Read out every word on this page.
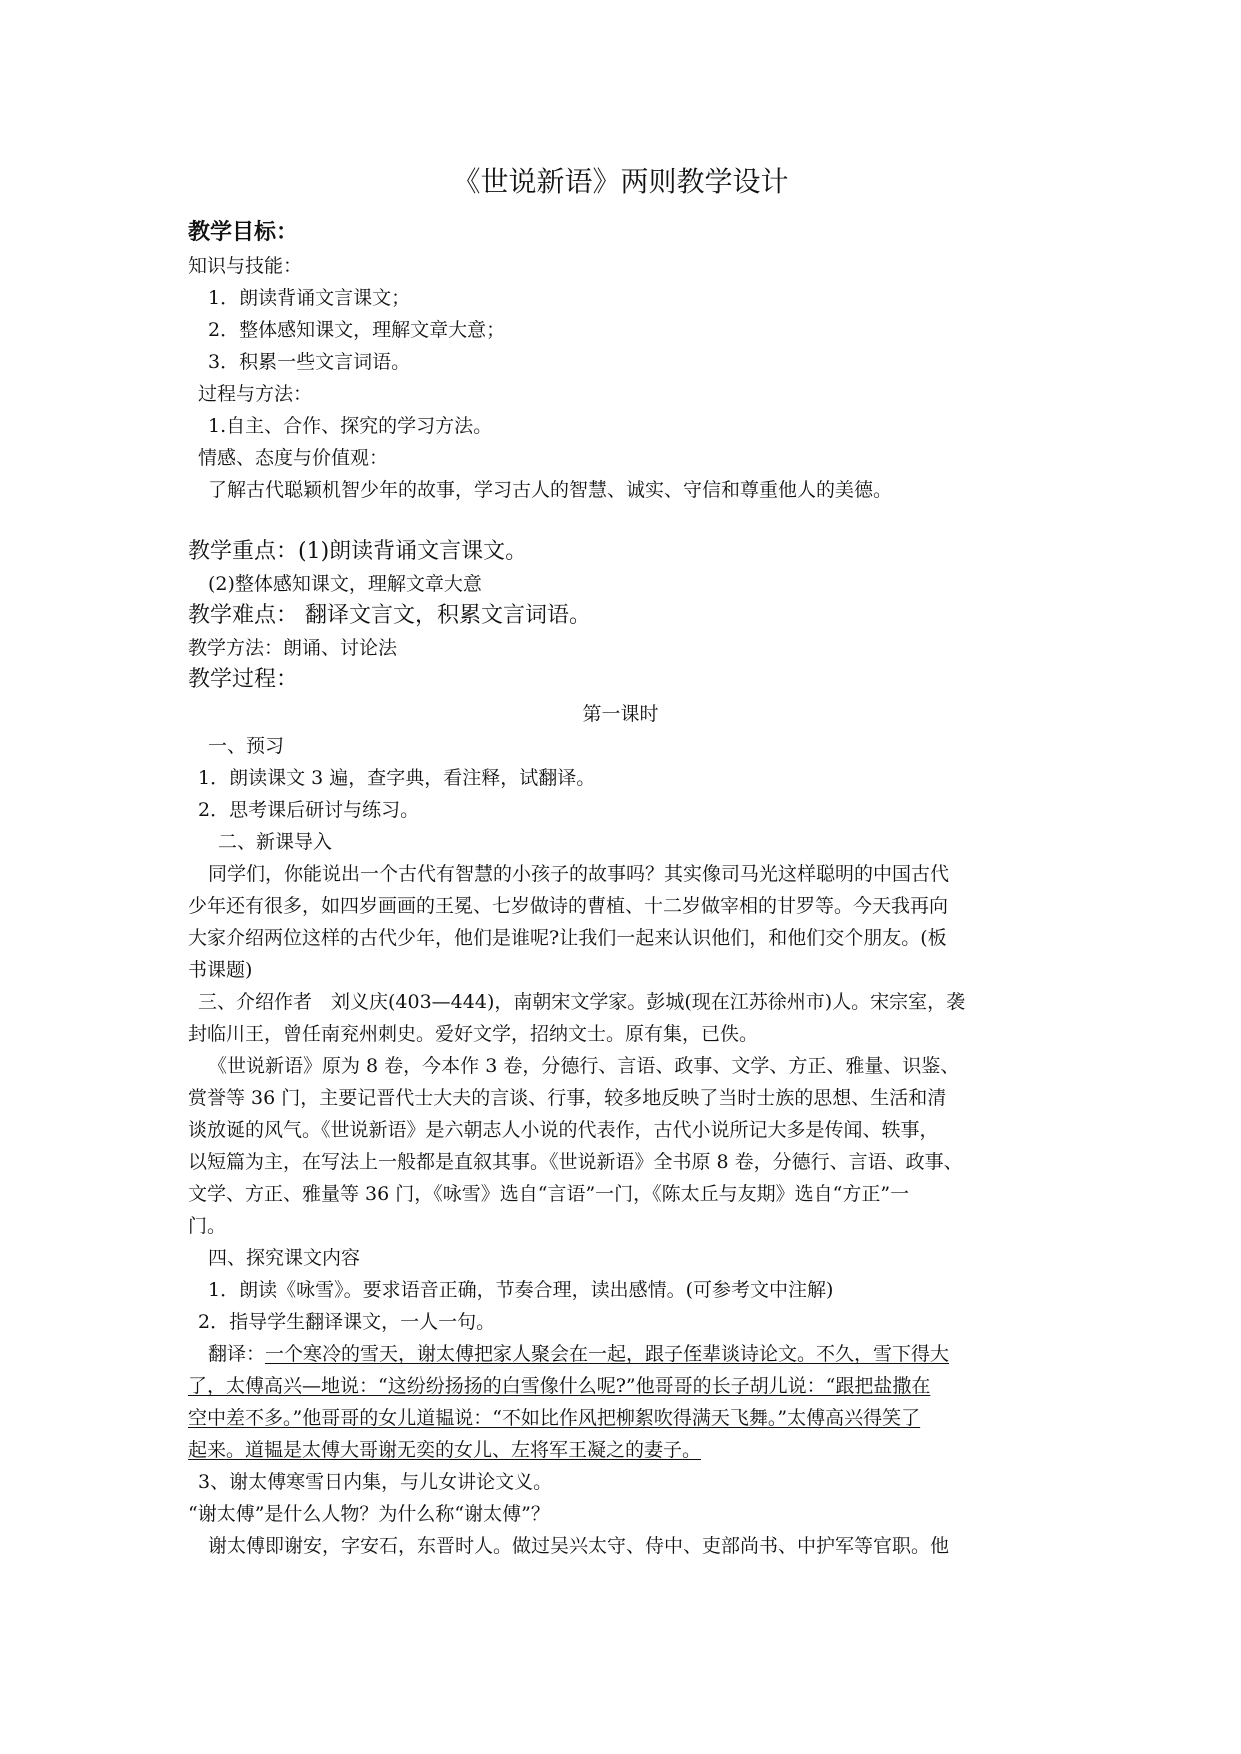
《世说新语》两则教学设计
教学目标：
知识与技能：
1．朗读背诵文言课文；
2．整体感知课文，理解文章大意；
3．积累一些文言词语。
过程与方法：
1.自主、合作、探究的学习方法。
情感、态度与价值观：
了解古代聪颖机智少年的故事，学习古人的智慧、诚实、守信和尊重他人的美德。
教学重点：(1)朗读背诵文言课文。
(2)整体感知课文，理解文章大意
教学难点： 翻译文言文，积累文言词语。
教学方法：朗诵、讨论法
教学过程：
第一课时
一、预习
1．朗读课文 3 遍，查字典，看注释，试翻译。
2．思考课后研讨与练习。
二、新课导入
同学们，你能说出一个古代有智慧的小孩子的故事吗？其实像司马光这样聪明的中国古代
少年还有很多，如四岁画画的王冕、七岁做诗的曹植、十二岁做宰相的甘罗等。今天我再向
大家介绍两位这样的古代少年，他们是谁呢?让我们一起来认识他们，和他们交个朋友。(板
书课题)
三、介绍作者　刘义庆(403—444)，南朝宋文学家。彭城(现在江苏徐州市)人。宋宗室，袭
封临川王，曾任南兖州刺史。爱好文学，招纳文士。原有集，已佚。
《世说新语》原为 8 卷，今本作 3 卷，分德行、言语、政事、文学、方正、雅量、识鉴、
赏誉等 36 门，主要记晋代士大夫的言谈、行事，较多地反映了当时士族的思想、生活和清
谈放诞的风气。《世说新语》是六朝志人小说的代表作，古代小说所记大多是传闻、轶事，
以短篇为主，在写法上一般都是直叙其事。《世说新语》全书原 8 卷，分德行、言语、政事、
文学、方正、雅量等 36 门，《咏雪》选自“言语”一门，《陈太丘与友期》选自“方正”一
门。
四、探究课文内容
1．朗读《咏雪》。要求语音正确，节奏合理，读出感情。(可参考文中注解)
2．指导学生翻译课文，一人一句。
翻译：一个寒冷的雪天，谢太傅把家人聚会在一起，跟子侄辈谈诗论文。不久，雪下得大
了，太傅高兴—地说：“这纷纷扬扬的白雪像什么呢?”他哥哥的长子胡儿说：“跟把盐撒在
空中差不多。”他哥哥的女儿道韫说：“不如比作风把柳絮吹得满天飞舞。”太傅高兴得笑了
起来。道韫是太傅大哥谢无奕的女儿、左将军王凝之的妻子。
3、谢太傅寒雪日内集，与儿女讲论文义。
“谢太傅”是什么人物？为什么称“谢太傅”？
谢太傅即谢安，字安石，东晋时人。做过吴兴太守、侍中、吏部尚书、中护军等官职。他
